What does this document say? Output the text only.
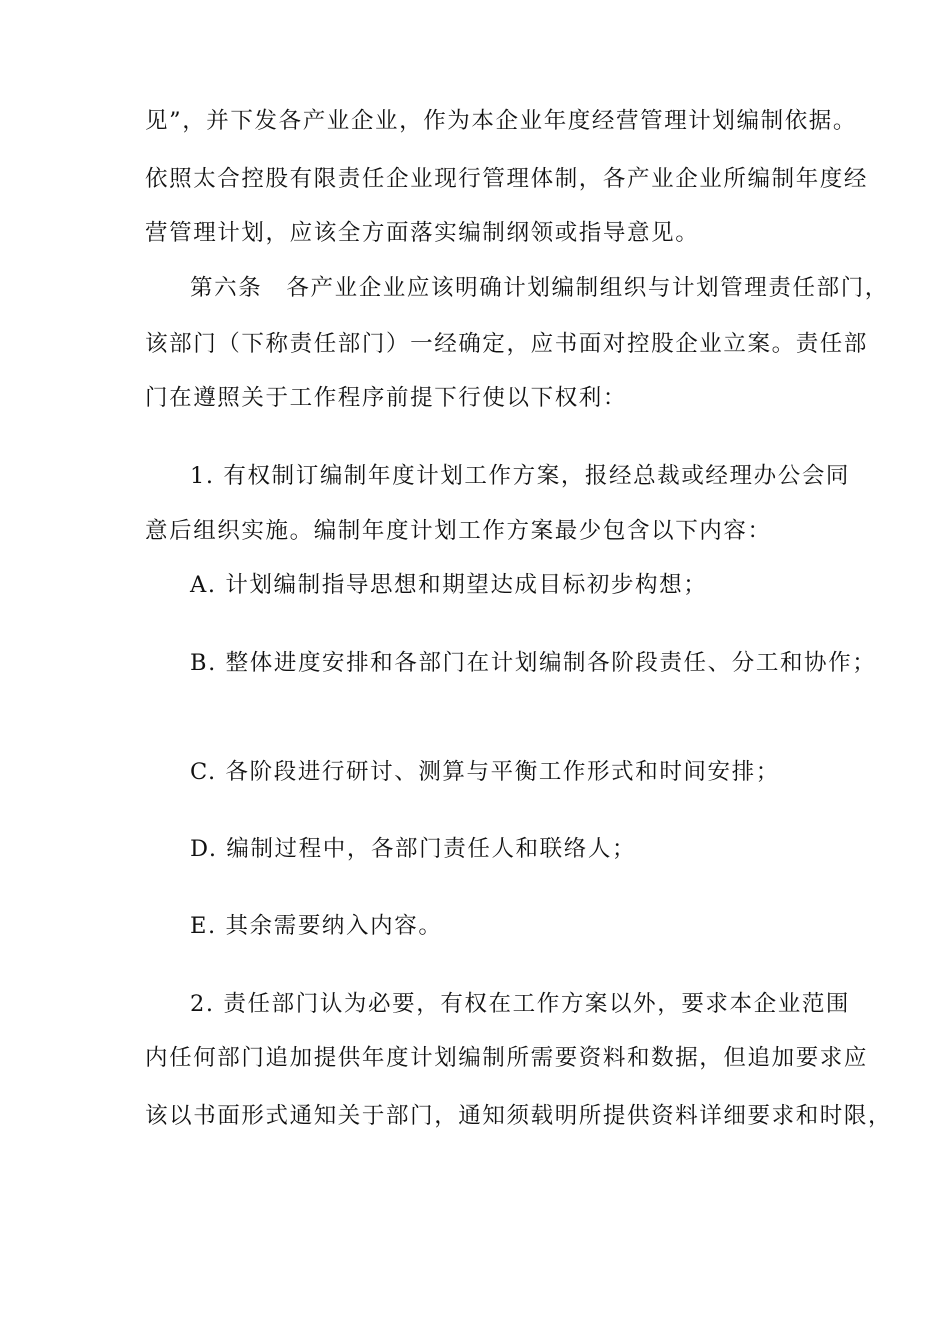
见”，并下发各产业企业，作为本企业年度经营管理计划编制依据。
依照太合控股有限责任企业现行管理体制，各产业企业所编制年度经
营管理计划，应该全方面落实编制纲领或指导意见。
第六条　各产业企业应该明确计划编制组织与计划管理责任部门，
该部门（下称责任部门）一经确定，应书面对控股企业立案。责任部
门在遵照关于工作程序前提下行使以下权利：
1. 有权制订编制年度计划工作方案，报经总裁或经理办公会同
意后组织实施。编制年度计划工作方案最少包含以下内容：
A. 计划编制指导思想和期望达成目标初步构想；
B. 整体进度安排和各部门在计划编制各阶段责任、分工和协作；
C. 各阶段进行研讨、测算与平衡工作形式和时间安排；
D. 编制过程中，各部门责任人和联络人；
E. 其余需要纳入内容。
2. 责任部门认为必要，有权在工作方案以外，要求本企业范围
内任何部门追加提供年度计划编制所需要资料和数据，但追加要求应
该以书面形式通知关于部门，通知须载明所提供资料详细要求和时限，
